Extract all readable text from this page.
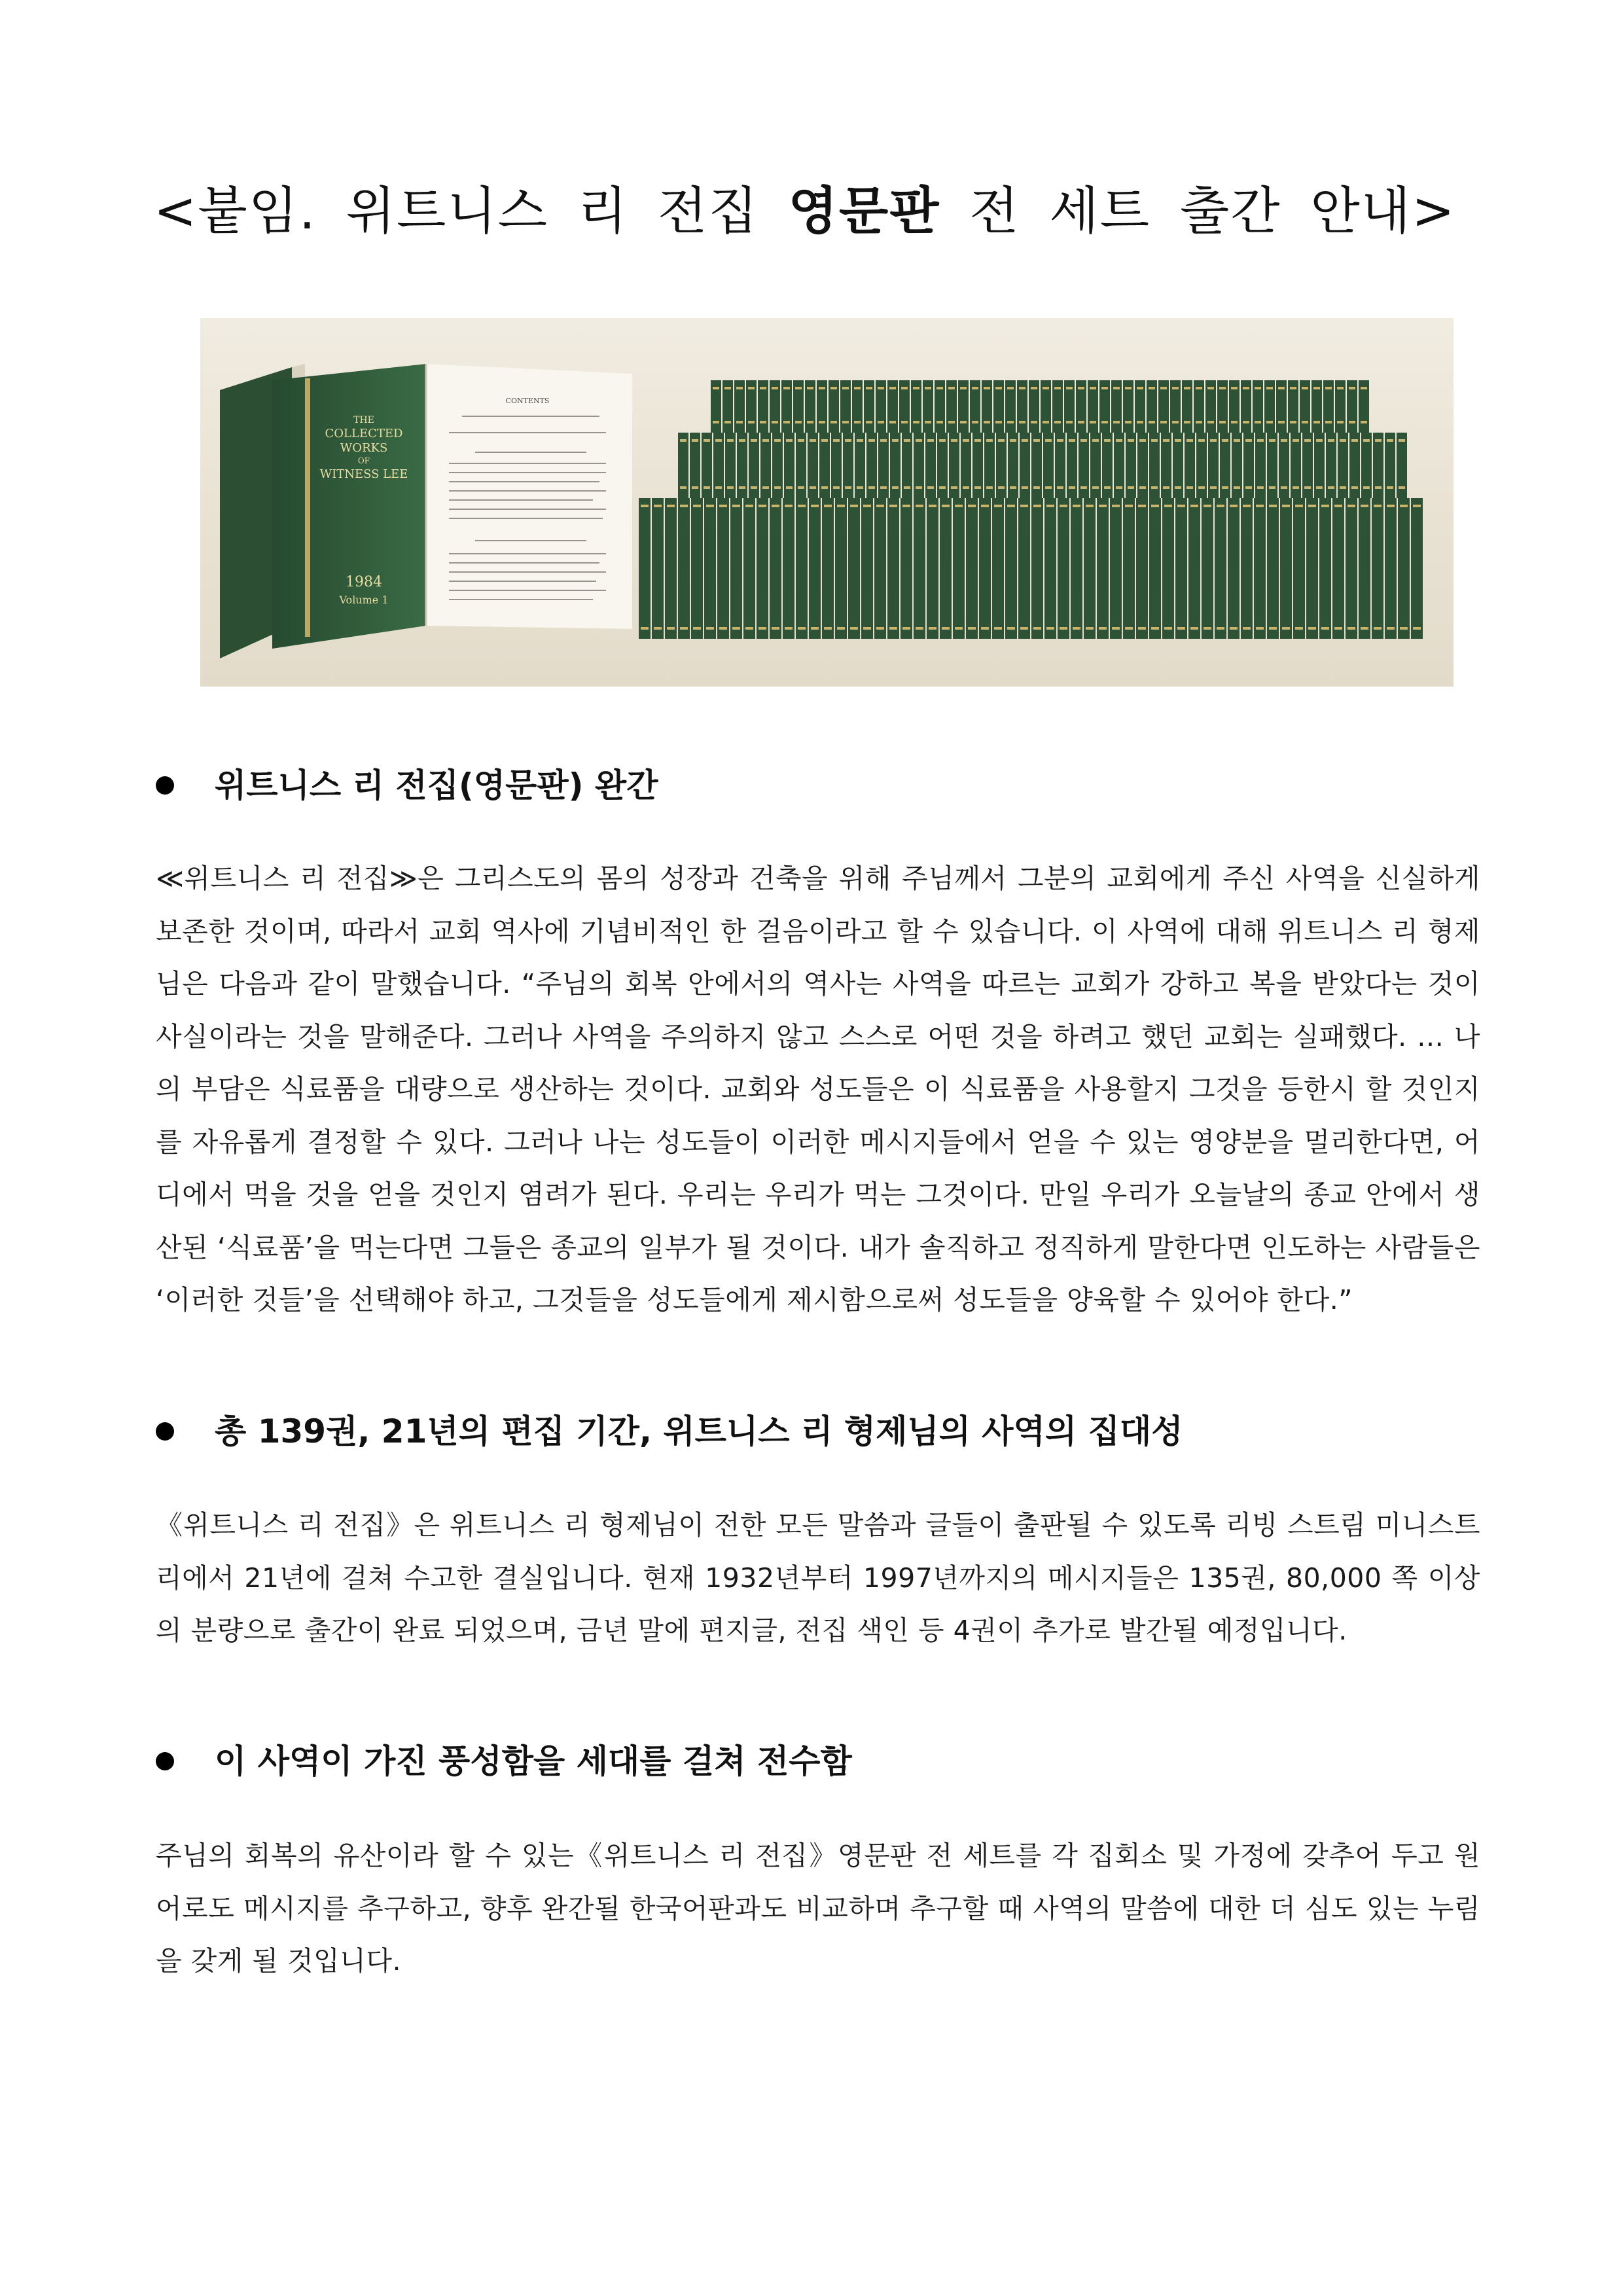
<붙임. 위트니스 리 전집 영문판 전 세트 출간 안내>
THE
COLLECTED
WORKS
OF
WITNESS LEE
1984
Volume 1
CONTENTS
위트니스 리 전집(영문판) 완간
≪위트니스 리 전집≫은 그리스도의 몸의 성장과 건축을 위해 주님께서 그분의 교회에게 주신 사역을 신실하게 보존한 것이며, 따라서 교회 역사에 기념비적인 한 걸음이라고 할 수 있습니다. 이 사역에 대해 위트니스 리 형제님은 다음과 같이 말했습니다. “주님의 회복 안에서의 역사는 사역을 따르는 교회가 강하고 복을 받았다는 것이 사실이라는 것을 말해준다. 그러나 사역을 주의하지 않고 스스로 어떤 것을 하려고 했던 교회는 실패했다. … 나의 부담은 식료품을 대량으로 생산하는 것이다. 교회와 성도들은 이 식료품을 사용할지 그것을 등한시 할 것인지를 자유롭게 결정할 수 있다. 그러나 나는 성도들이 이러한 메시지들에서 얻을 수 있는 영양분을 멀리한다면, 어디에서 먹을 것을 얻을 것인지 염려가 된다. 우리는 우리가 먹는 그것이다. 만일 우리가 오늘날의 종교 안에서 생산된 ‘식료품’을 먹는다면 그들은 종교의 일부가 될 것이다. 내가 솔직하고 정직하게 말한다면 인도하는 사람들은 ‘이러한 것들’을 선택해야 하고, 그것들을 성도들에게 제시함으로써 성도들을 양육할 수 있어야 한다.”
총 139권, 21년의 편집 기간, 위트니스 리 형제님의 사역의 집대성
《위트니스 리 전집》은 위트니스 리 형제님이 전한 모든 말씀과 글들이 출판될 수 있도록 리빙 스트림 미니스트리에서 21년에 걸쳐 수고한 결실입니다. 현재 1932년부터 1997년까지의 메시지들은 135권, 80,000 쪽 이상의 분량으로 출간이 완료 되었으며, 금년 말에 편지글, 전집 색인 등 4권이 추가로 발간될 예정입니다.
이 사역이 가진 풍성함을 세대를 걸쳐 전수함
주님의 회복의 유산이라 할 수 있는《위트니스 리 전집》영문판 전 세트를 각 집회소 및 가정에 갖추어 두고 원어로도 메시지를 추구하고, 향후 완간될 한국어판과도 비교하며 추구할 때 사역의 말씀에 대한 더 심도 있는 누림을 갖게 될 것입니다.
